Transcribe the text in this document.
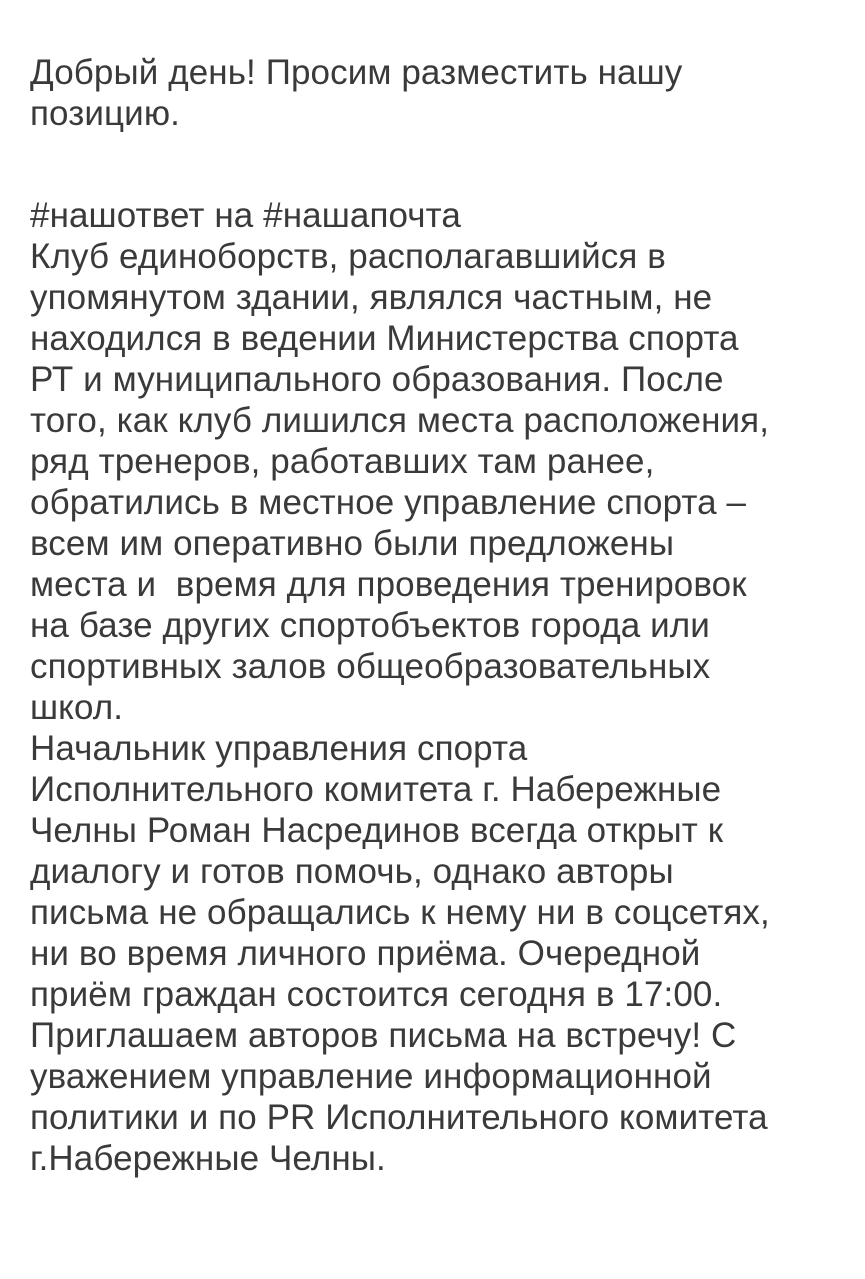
Добрый день! Просим разместить нашу
позицию.
#нашответ на #нашапочта
Клуб единоборств, располагавшийся в
упомянутом здании, являлся частным, не
находился в ведении Министерства спорта
РТ и муниципального образования. После
того, как клуб лишился места расположения,
ряд тренеров, работавших там ранее,
обратились в местное управление спорта –
всем им оперативно были предложены
места и  время для проведения тренировок
на базе других спортобъектов города или
спортивных залов общеобразовательных
школ.
Начальник управления спорта
Исполнительного комитета г. Набережные
Челны Роман Насрединов всегда открыт к
диалогу и готов помочь, однако авторы
письма не обращались к нему ни в соцсетях,
ни во время личного приёма. Очередной
приём граждан состоится сегодня в 17:00.
Приглашаем авторов письма на встречу! С
уважением управление информационной
политики и по PR Исполнительного комитета
г.Набережные Челны.
